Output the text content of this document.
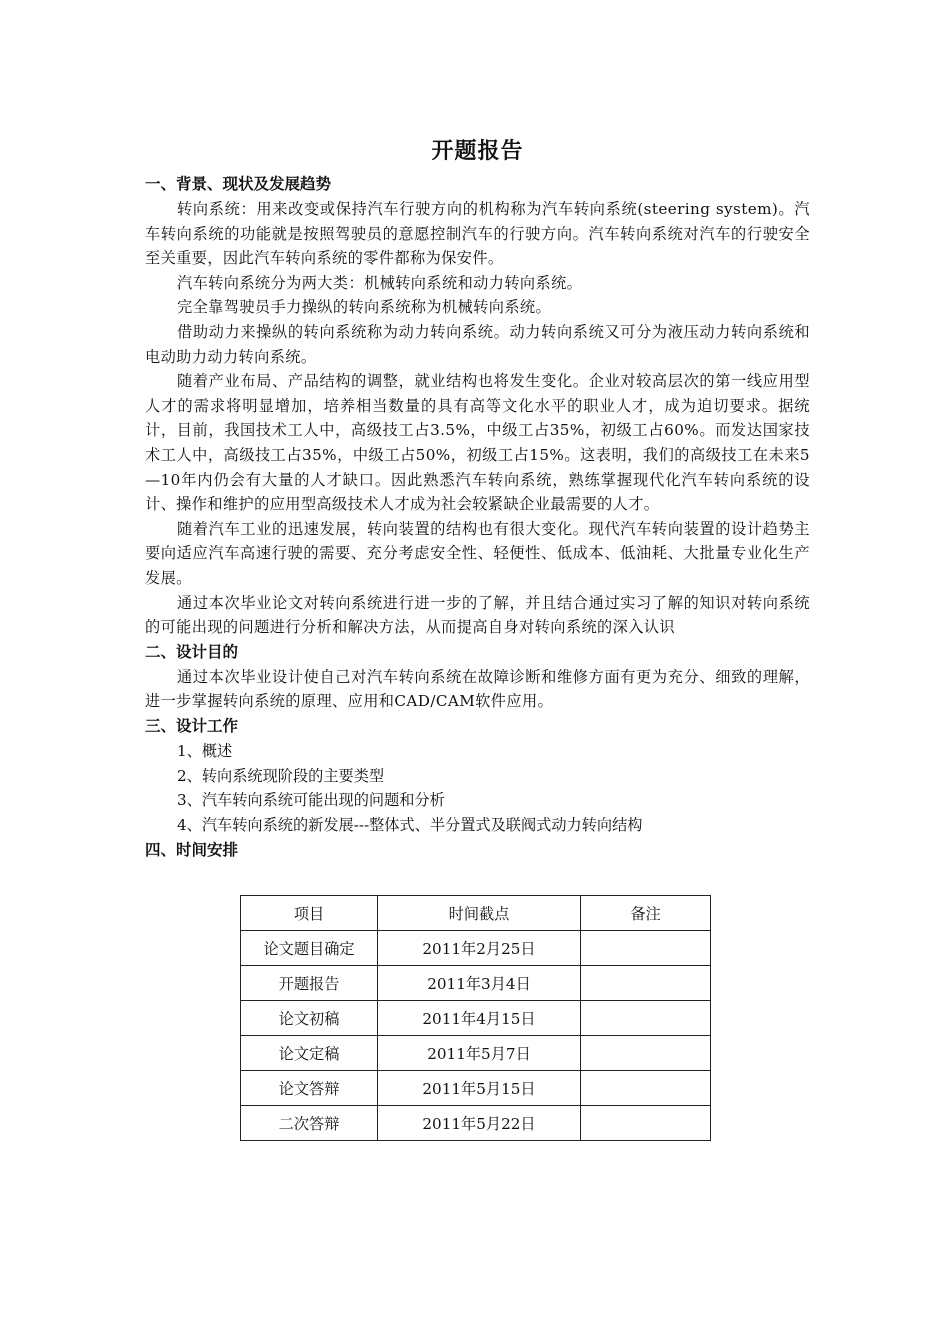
开题报告
一、背景、现状及发展趋势

转向系统：用来改变或保持汽车行驶方向的机构称为汽车转向系统(steering system)。汽车转向系统的功能就是按照驾驶员的意愿控制汽车的行驶方向。汽车转向系统对汽车的行驶安全至关重要，因此汽车转向系统的零件都称为保安件。

汽车转向系统分为两大类：机械转向系统和动力转向系统。

完全靠驾驶员手力操纵的转向系统称为机械转向系统。

借助动力来操纵的转向系统称为动力转向系统。动力转向系统又可分为液压动力转向系统和电动助力动力转向系统。

随着产业布局、产品结构的调整，就业结构也将发生变化。企业对较高层次的第一线应用型人才的需求将明显增加，培养相当数量的具有高等文化水平的职业人才，成为迫切要求。据统计，目前，我国技术工人中，高级技工占3.5%，中级工占35%，初级工占60%。而发达国家技术工人中，高级技工占35%，中级工占50%，初级工占15%。这表明，我们的高级技工在未来5—10年内仍会有大量的人才缺口。因此熟悉汽车转向系统，熟练掌握现代化汽车转向系统的设计、操作和维护的应用型高级技术人才成为社会较紧缺企业最需要的人才。

随着汽车工业的迅速发展，转向装置的结构也有很大变化。现代汽车转向装置的设计趋势主要向适应汽车高速行驶的需要、充分考虑安全性、轻便性、低成本、低油耗、大批量专业化生产发展。

通过本次毕业论文对转向系统进行进一步的了解，并且结合通过实习了解的知识对转向系统的可能出现的问题进行分析和解决方法，从而提高自身对转向系统的深入认识

二、设计目的

通过本次毕业设计使自己对汽车转向系统在故障诊断和维修方面有更为充分、细致的理解，进一步掌握转向系统的原理、应用和CAD/CAM软件应用。

三、设计工作
1、概述
2、转向系统现阶段的主要类型
3、汽车转向系统可能出现的问题和分析
4、汽车转向系统的新发展---整体式、半分置式及联阀式动力转向结构
四、时间安排
项目	时间截点	备注
论文题目确定	2011年2月25日	
开题报告	2011年3月4日	
论文初稿	2011年4月15日	
论文定稿	2011年5月7日	
论文答辩	2011年5月15日	
二次答辩	2011年5月22日	
